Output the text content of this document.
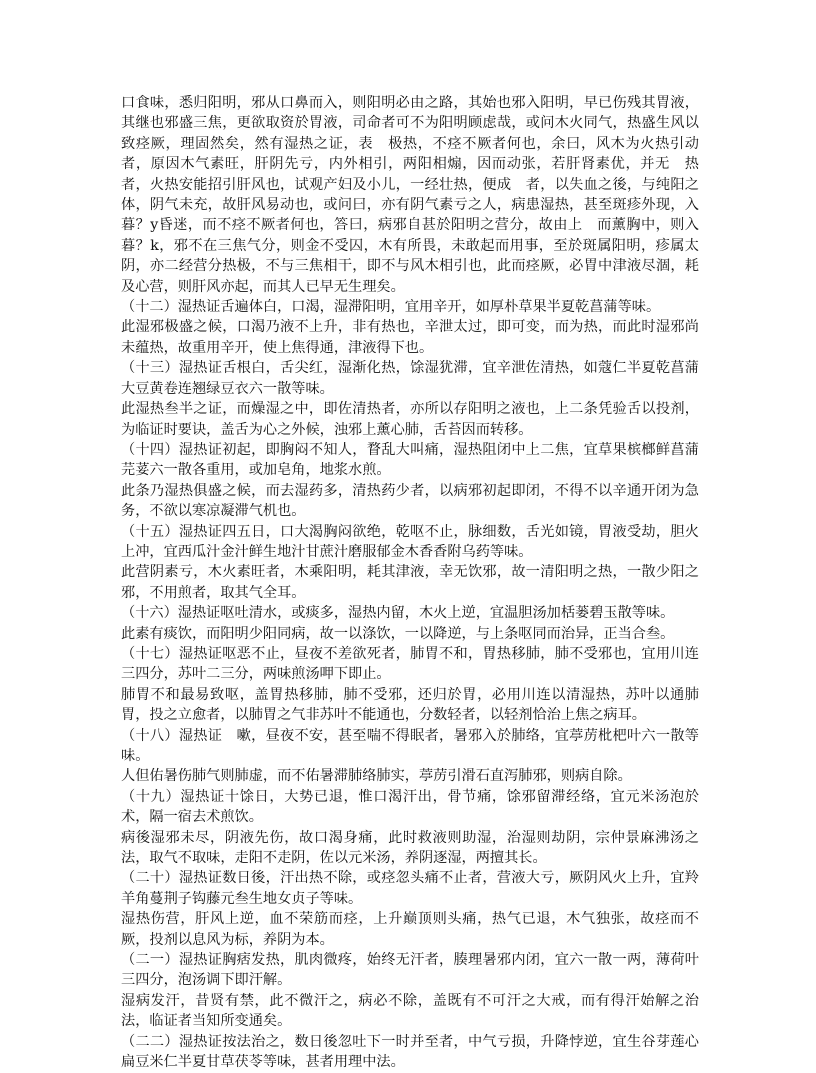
口食味，悉归阳明，邪从口鼻而入，则阳明必由之路，其始也邪入阳明，早已伤残其胃液，其继也邪盛三焦，更欲取资於胃液，司命者可不为阳明顾虑哉，或问木火同气，热盛生风以致痉厥，理固然矣，然有湿热之证，表　极热，不痉不厥者何也，余曰，风木为火热引动者，原因木气素旺，肝阴先亏，内外相引，两阳相煽，因而动张，若肝肾素优，并无　热者，火热安能招引肝风也，试观产妇及小儿，一经壮热，便成　者，以失血之後，与纯阳之体，阴气未充，故肝风易动也，或问曰，亦有阴气素亏之人，病患湿热，甚至斑疹外现，入暮？y昏迷，而不痉不厥者何也，答曰，病邪自甚於阳明之营分，故由上　而薰胸中，则入暮？k，邪不在三焦气分，则金不受囚，木有所畏，未敢起而用事，至於斑属阳明，疹属太阴，亦二经营分热极，不与三焦相干，即不与风木相引也，此而痉厥，必胃中津液尽涸，耗及心营，则肝风亦起，而其人已早无生理矣。

（十二）湿热证舌遍体白，口渴，湿滞阳明，宜用辛开，如厚朴草果半夏乾菖蒲等味。

此湿邪极盛之候，口渴乃液不上升，非有热也，辛泄太过，即可变，而为热，而此时湿邪尚未蕴热，故重用辛开，使上焦得通，津液得下也。

（十三）湿热证舌根白，舌尖红，湿渐化热，馀湿犹滞，宜辛泄佐清热，如蔻仁半夏乾菖蒲大豆黄卷连翘绿豆衣六一散等味。

此湿热叁半之证，而燥湿之中，即佐清热者，亦所以存阳明之液也，上二条凭验舌以投剂，为临证时要诀，盖舌为心之外候，浊邪上薰心肺，舌苔因而转移。

（十四）湿热证初起，即胸闷不知人，瞀乱大叫痛，湿热阻闭中上二焦，宜草果槟榔鲜菖蒲芫荽六一散各重用，或加皂角，地浆水煎。

此条乃湿热俱盛之候，而去湿药多，清热药少者，以病邪初起即闭，不得不以辛通开闭为急务，不欲以寒凉凝滞气机也。

（十五）湿热证四五日，口大渴胸闷欲绝，乾呕不止，脉细数，舌光如镜，胃液受劫，胆火上冲，宜西瓜汁金汁鲜生地汁甘蔗汁磨服郁金木香香附乌药等味。

此营阴素亏，木火素旺者，木乘阳明，耗其津液，幸无饮邪，故一清阳明之热，一散少阳之邪，不用煎者，取其气全耳。

（十六）湿热证呕吐清水，或痰多，湿热内留，木火上逆，宜温胆汤加栝蒌碧玉散等味。

此素有痰饮，而阳明少阳同病，故一以涤饮，一以降逆，与上条呕同而治异，正当合叁。

（十七）湿热证呕恶不止，昼夜不差欲死者，肺胃不和，胃热移肺，肺不受邪也，宜用川连三四分，苏叶二三分，两味煎汤呷下即止。

肺胃不和最易致呕，盖胃热移肺，肺不受邪，还归於胃，必用川连以清湿热，苏叶以通肺胃，投之立愈者，以肺胃之气非苏叶不能通也，分数轻者，以轻剂恰治上焦之病耳。

（十八）湿热证　嗽，昼夜不安，甚至喘不得眠者，暑邪入於肺络，宜葶苈枇杷叶六一散等味。

人但佑暑伤肺气则肺虚，而不佑暑滞肺络肺实，葶苈引滑石直泻肺邪，则病自除。

（十九）湿热证十馀日，大势已退，惟口渴汗出，骨节痛，馀邪留滞经络，宜元米汤泡於术，隔一宿去术煎饮。

病後湿邪未尽，阴液先伤，故口渴身痛，此时救液则助湿，治湿则劫阴，宗仲景麻沸汤之法，取气不取味，走阳不走阴，佐以元米汤，养阴逐湿，两擅其长。

（二十）湿热证数日後，汗出热不除，或痉忽头痛不止者，营液大亏，厥阴风火上升，宜羚羊角蔓荆子钩藤元叁生地女贞子等味。

湿热伤营，肝风上逆，血不荣筋而痉，上升巅顶则头痛，热气已退，木气独张，故痉而不厥，投剂以息风为标，养阴为本。

（二一）湿热证胸痞发热，肌肉微疼，始终无汗者，腠理暑邪内闭，宜六一散一两，薄荷叶三四分，泡汤调下即汗解。

湿病发汗，昔贤有禁，此不微汗之，病必不除，盖既有不可汗之大戒，而有得汗始解之治法，临证者当知所变通矣。

（二二）湿热证按法治之，数日後忽吐下一时并至者，中气亏损，升降悖逆，宜生谷芽莲心扁豆米仁半夏甘草茯苓等味，甚者用理中法。
